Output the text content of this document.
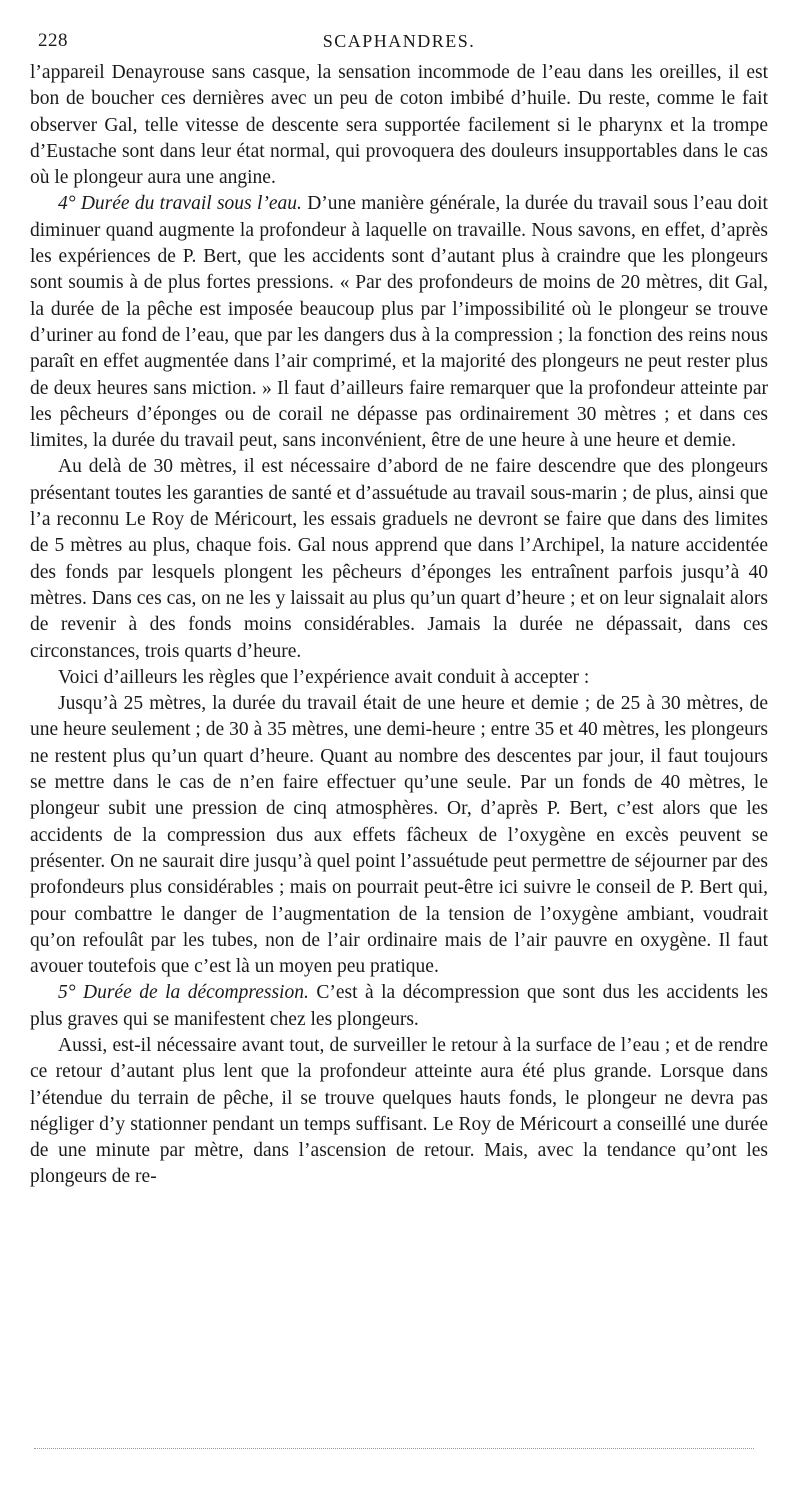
228	SCAPHANDRES.

l’appareil Denayrouse sans casque, la sensation incommode de l’eau dans les oreilles, il est bon de boucher ces dernières avec un peu de coton imbibé d’huile. Du reste, comme le fait observer Gal, telle vitesse de descente sera supportée facilement si le pharynx et la trompe d’Eustache sont dans leur état normal, qui provoquera des douleurs insupportables dans le cas où le plongeur aura une angine.

4° Durée du travail sous l’eau. D’une manière générale, la durée du travail sous l’eau doit diminuer quand augmente la profondeur à laquelle on travaille. Nous savons, en effet, d’après les expériences de P. Bert, que les accidents sont d’autant plus à craindre que les plongeurs sont soumis à de plus fortes pressions. « Par des profondeurs de moins de 20 mètres, dit Gal, la durée de la pêche est imposée beaucoup plus par l’impossibilité où le plongeur se trouve d’uriner au fond de l’eau, que par les dangers dus à la compression ; la fonction des reins nous paraît en effet augmentée dans l’air comprimé, et la majorité des plongeurs ne peut rester plus de deux heures sans miction. » Il faut d’ailleurs faire remarquer que la profondeur atteinte par les pêcheurs d’éponges ou de corail ne dépasse pas ordinairement 30 mètres ; et dans ces limites, la durée du travail peut, sans inconvénient, être de une heure à une heure et demie.

Au delà de 30 mètres, il est nécessaire d’abord de ne faire descendre que des plongeurs présentant toutes les garanties de santé et d’assuétude au travail sous-marin ; de plus, ainsi que l’a reconnu Le Roy de Méricourt, les essais graduels ne devront se faire que dans des limites de 5 mètres au plus, chaque fois. Gal nous apprend que dans l’Archipel, la nature accidentée des fonds par lesquels plongent les pêcheurs d’éponges les entraînent parfois jusqu’à 40 mètres. Dans ces cas, on ne les y laissait au plus qu’un quart d’heure ; et on leur signalait alors de revenir à des fonds moins considérables. Jamais la durée ne dépassait, dans ces circonstances, trois quarts d’heure.

Voici d’ailleurs les règles que l’expérience avait conduit à accepter :

Jusqu’à 25 mètres, la durée du travail était de une heure et demie ; de 25 à 30 mètres, de une heure seulement ; de 30 à 35 mètres, une demi-heure ; entre 35 et 40 mètres, les plongeurs ne restent plus qu’un quart d’heure. Quant au nombre des descentes par jour, il faut toujours se mettre dans le cas de n’en faire effectuer qu’une seule. Par un fonds de 40 mètres, le plongeur subit une pression de cinq atmosphères. Or, d’après P. Bert, c’est alors que les accidents de la compression dus aux effets fâcheux de l’oxygène en excès peuvent se présenter. On ne saurait dire jusqu’à quel point l’assuétude peut permettre de séjourner par des profondeurs plus considérables ; mais on pourrait peut-être ici suivre le conseil de P. Bert qui, pour combattre le danger de l’augmentation de la tension de l’oxygène ambiant, voudrait qu’on refoulât par les tubes, non de l’air ordinaire mais de l’air pauvre en oxygène. Il faut avouer toutefois que c’est là un moyen peu pratique.

5° Durée de la décompression. C’est à la décompression que sont dus les accidents les plus graves qui se manifestent chez les plongeurs.

Aussi, est-il nécessaire avant tout, de surveiller le retour à la surface de l’eau ; et de rendre ce retour d’autant plus lent que la profondeur atteinte aura été plus grande. Lorsque dans l’étendue du terrain de pêche, il se trouve quelques hauts fonds, le plongeur ne devra pas négliger d’y stationner pendant un temps suffisant. Le Roy de Méricourt a conseillé une durée de une minute par mètre, dans l’ascension de retour. Mais, avec la tendance qu’ont les plongeurs de re-
